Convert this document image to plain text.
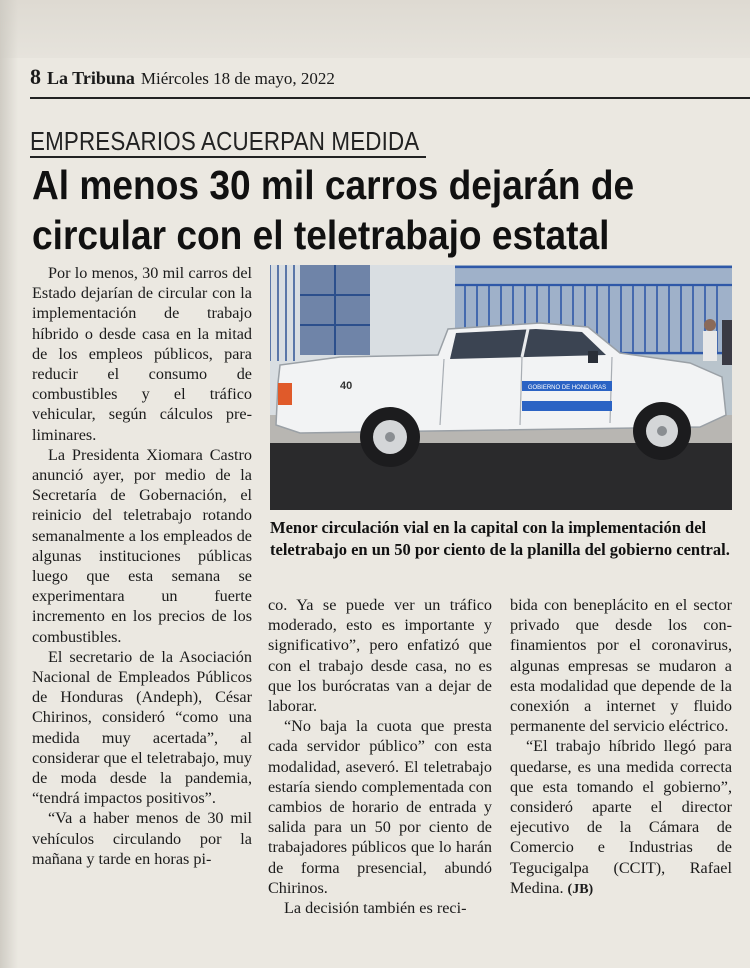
8 La Tribuna Miércoles 18 de mayo, 2022
EMPRESARIOS ACUERPAN MEDIDA
Al menos 30 mil carros dejarán de
circular con el teletrabajo estatal
GOBIERNO DE HONDURAS
40

Menor circulación vial en la capital con la implementación del teletrabajo en un 50 por ciento de la planilla del gobierno central.

Por lo menos, 30 mil carros del Estado dejarían de circular con la implementación de trabajo híbrido o desde casa en la mitad de los empleos públicos, para reducir el consumo de combustibles y el tráfico vehicular, según cálculos preliminares.

La Presidenta Xiomara Castro anunció ayer, por medio de la Secretaría de Gobernación, el reinicio del teletrabajo rotando semanalmente a los empleados de algunas instituciones públicas luego que esta semana se experimentara un fuerte incremento en los precios de los combustibles.

El secretario de la Asociación Nacional de Empleados Públicos de Honduras (Andeph), César Chirinos, consideró “como una medida muy acertada”, al considerar que el teletrabajo, muy de moda desde la pandemia, “tendrá impactos positivos”.

“Va a haber menos de 30 mil vehículos circulando por la mañana y tarde en horas pi-

co. Ya se puede ver un tráfico moderado, esto es importante y significativo”, pero enfatizó que con el trabajo desde casa, no es que los burócratas van a dejar de laborar.

“No baja la cuota que presta cada servidor público” con esta modalidad, aseveró. El teletrabajo estaría siendo complementada con cambios de horario de entrada y salida para un 50 por ciento de trabajadores públicos que lo harán de forma presencial, abundó Chirinos.

La decisión también es reci-

bida con beneplácito en el sector privado que desde los confinamientos por el coronavirus, algunas empresas se mudaron a esta modalidad que depende de la conexión a internet y fluido permanente del servicio eléctrico.

“El trabajo híbrido llegó para quedarse, es una medida correcta que esta tomando el gobierno”, consideró aparte el director ejecutivo de la Cámara de Comercio e Industrias de Tegucigalpa (CCIT), Rafael Medina. (JB)
